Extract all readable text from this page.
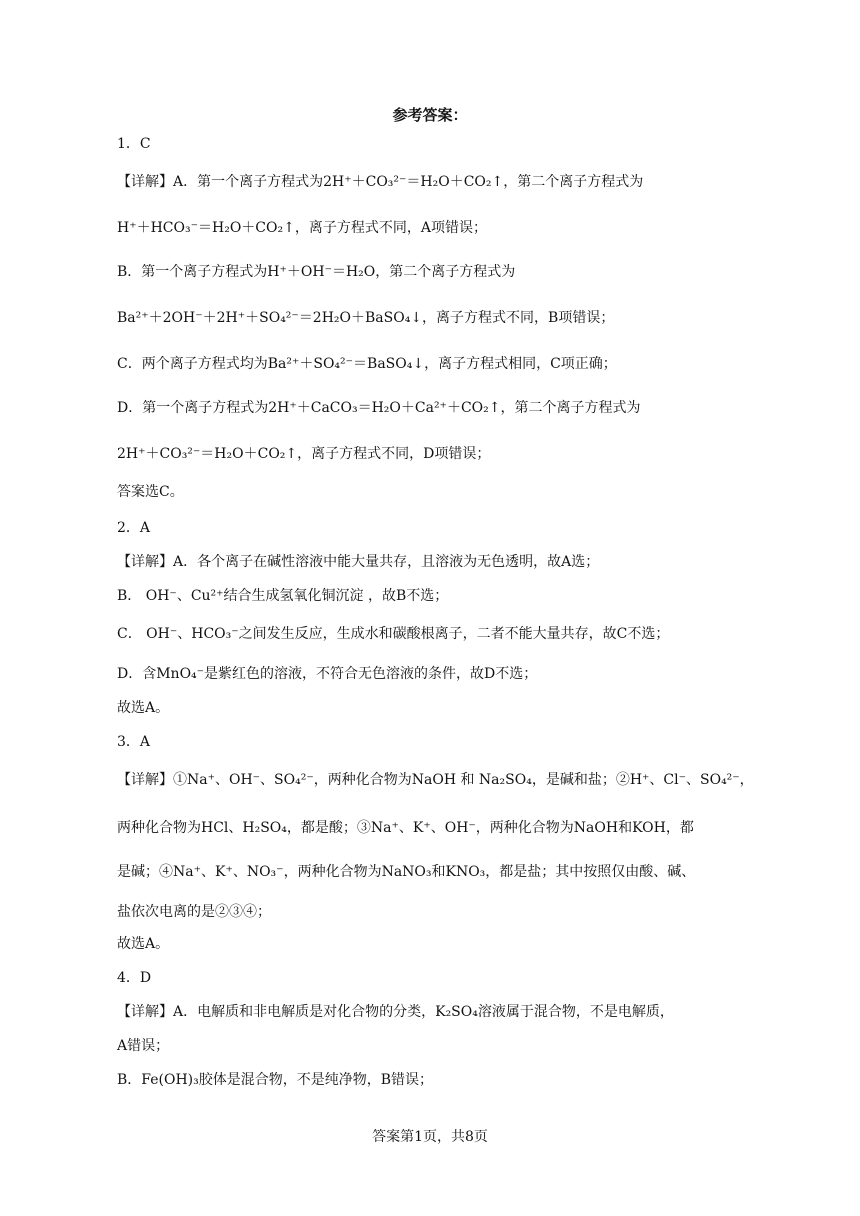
参考答案：
1．C
【详解】A．第一个离子方程式为2H⁺＋CO₃²⁻＝H₂O＋CO₂↑，第二个离子方程式为
H⁺＋HCO₃⁻＝H₂O＋CO₂↑，离子方程式不同，A项错误；
B．第一个离子方程式为H⁺＋OH⁻＝H₂O，第二个离子方程式为
Ba²⁺＋2OH⁻＋2H⁺＋SO₄²⁻＝2H₂O＋BaSO₄↓，离子方程式不同，B项错误；
C．两个离子方程式均为Ba²⁺＋SO₄²⁻＝BaSO₄↓，离子方程式相同，C项正确；
D．第一个离子方程式为2H⁺＋CaCO₃＝H₂O＋Ca²⁺＋CO₂↑，第二个离子方程式为
2H⁺＋CO₃²⁻＝H₂O＋CO₂↑，离子方程式不同，D项错误；
答案选C。
2．A
【详解】A．各个离子在碱性溶液中能大量共存，且溶液为无色透明，故A选；
B． OH⁻、Cu²⁺结合生成氢氧化铜沉淀 ，故B不选；
C． OH⁻、HCO₃⁻之间发生反应，生成水和碳酸根离子，二者不能大量共存，故C不选；
D．含MnO₄⁻是紫红色的溶液，不符合无色溶液的条件，故D不选；
故选A。
3．A
【详解】①Na⁺、OH⁻、SO₄²⁻，两种化合物为NaOH 和 Na₂SO₄，是碱和盐；②H⁺、Cl⁻、SO₄²⁻，
两种化合物为HCl、H₂SO₄，都是酸；③Na⁺、K⁺、OH⁻，两种化合物为NaOH和KOH，都
是碱；④Na⁺、K⁺、NO₃⁻，两种化合物为NaNO₃和KNO₃，都是盐；其中按照仅由酸、碱、
盐依次电离的是②③④；
故选A。
4．D
【详解】A．电解质和非电解质是对化合物的分类，K₂SO₄溶液属于混合物，不是电解质，
A错误；
B．Fe(OH)₃胶体是混合物，不是纯净物，B错误；
答案第1页，共8页
